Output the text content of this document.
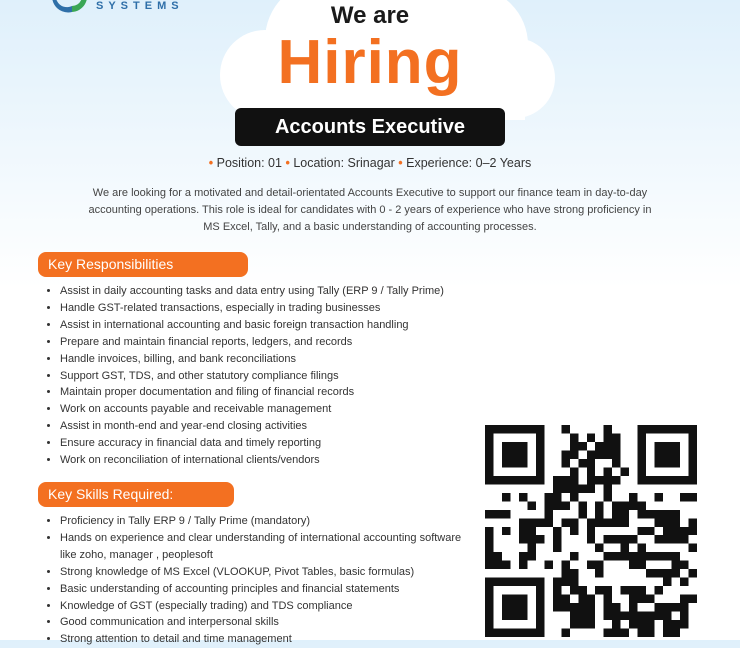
SYSTEMS	We are
Hiring
Accounts Executive
• Position: 01 • Location: Srinagar • Experience: 0–2 Years
We are looking for a motivated and detail-orientated Accounts Executive to support our finance team in day-to-day accounting operations. This role is ideal for candidates with 0 - 2 years of experience who have strong proficiency in MS Excel, Tally, and a basic understanding of accounting processes.
Key Responsibilities
• Assist in daily accounting tasks and data entry using Tally (ERP 9 / Tally Prime)
• Handle GST-related transactions, especially in trading businesses
• Assist in international accounting and basic foreign transaction handling
• Prepare and maintain financial reports, ledgers, and records
• Handle invoices, billing, and bank reconciliations
• Support GST, TDS, and other statutory compliance filings
• Maintain proper documentation and filing of financial records
• Work on accounts payable and receivable management
• Assist in month-end and year-end closing activities
• Ensure accuracy in financial data and timely reporting
• Work on reconciliation of international clients/vendors
Key Skills Required:
• Proficiency in Tally ERP 9 / Tally Prime (mandatory)
• Hands on experience and clear understanding of international accounting software like zoho, manager , peoplesoft
• Strong knowledge of MS Excel (VLOOKUP, Pivot Tables, basic formulas)
• Basic understanding of accounting principles and financial statements
• Knowledge of GST (especially trading) and TDS compliance
• Good communication and interpersonal skills
• Strong attention to detail and time management
